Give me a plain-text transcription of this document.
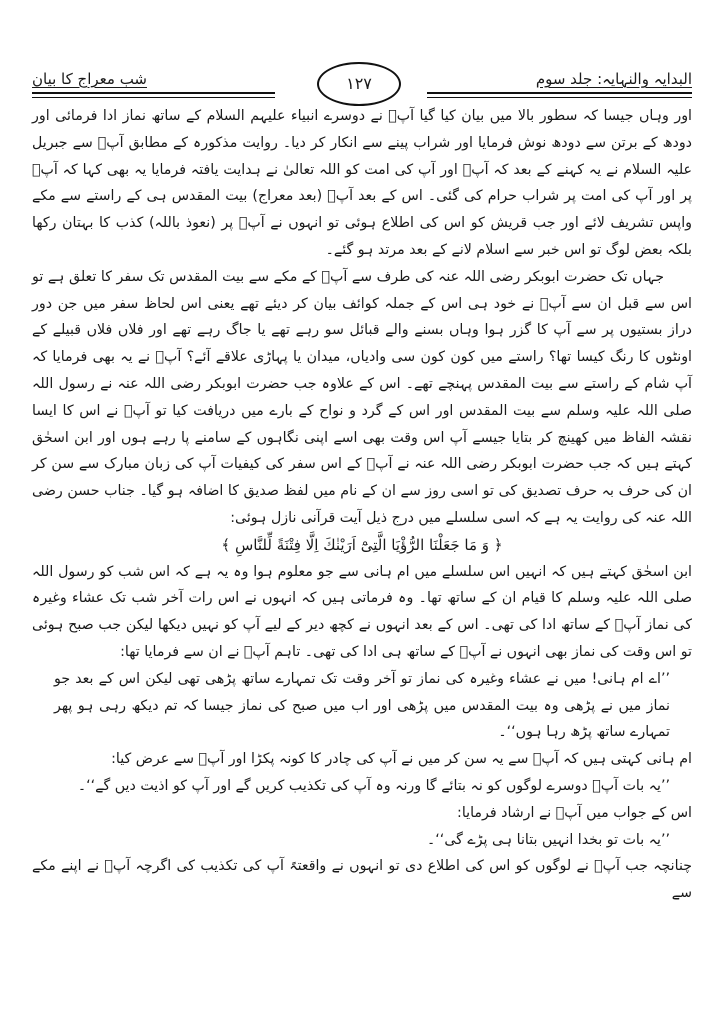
البدایہ والنہایہ: جلد سوم
۱۲۷
شب معراج کا بیان

اور وہاں جیسا کہ سطور بالا میں بیان کیا گیا آپؐ نے دوسرے انبیاء علیہم السلام کے ساتھ نماز ادا فرمائی اور دودھ کے برتن سے دودھ نوش فرمایا اور شراب پینے سے انکار کر دیا۔ روایت مذکورہ کے مطابق آپؐ سے جبریل علیہ السلام نے یہ کہنے کے بعد کہ آپؐ اور آپ کی امت کو اللہ تعالیٰ نے ہدایت یافتہ فرمایا یہ بھی کہا کہ آپؐ پر اور آپ کی امت پر شراب حرام کی گئی۔ اس کے بعد آپؐ (بعد معراج) بیت المقدس ہی کے راستے سے مکے واپس تشریف لائے اور جب قریش کو اس کی اطلاع ہوئی تو انہوں نے آپؐ پر (نعوذ باللہ) کذب کا بہتان رکھا بلکہ بعض لوگ تو اس خبر سے اسلام لانے کے بعد مرتد ہو گئے۔

جہاں تک حضرت ابوبکر رضی اللہ عنہ کی طرف سے آپؐ کے مکے سے بیت المقدس تک سفر کا تعلق ہے تو اس سے قبل ان سے آپؐ نے خود ہی اس کے جملہ کوائف بیان کر دیئے تھے یعنی اس لحاظ سفر میں جن دور دراز بستیوں پر سے آپ کا گزر ہوا وہاں بسنے والے قبائل سو رہے تھے یا جاگ رہے تھے اور فلاں فلاں قبیلے کے اونٹوں کا رنگ کیسا تھا؟ راستے میں کون کون سی وادیاں، میدان یا پہاڑی علاقے آئے؟ آپؐ نے یہ بھی فرمایا کہ آپ شام کے راستے سے بیت المقدس پہنچے تھے۔ اس کے علاوہ جب حضرت ابوبکر رضی اللہ عنہ نے رسول اللہ صلی اللہ علیہ وسلم سے بیت المقدس اور اس کے گرد و نواح کے بارے میں دریافت کیا تو آپؐ نے اس کا ایسا نقشہ الفاظ میں کھینچ کر بتایا جیسے آپ اس وقت بھی اسے اپنی نگاہوں کے سامنے پا رہے ہوں اور ابن اسحٰق کہتے ہیں کہ جب حضرت ابوبکر رضی اللہ عنہ نے آپؐ کے اس سفر کی کیفیات آپ کی زبان مبارک سے سن کر ان کی حرف بہ حرف تصدیق کی تو اسی روز سے ان کے نام میں لفظ صدیق کا اضافہ ہو گیا۔ جناب حسن رضی اللہ عنہ کی روایت یہ ہے کہ اسی سلسلے میں درج ذیل آیت قرآنی نازل ہوئی:

﴿ وَ مَا جَعَلْنَا الرُّؤْيَا الَّتِىْٓ اَرَيْنٰكَ اِلَّا فِتْنَةً لِّلنَّاسِ ﴾

ابن اسحٰق کہتے ہیں کہ انہیں اس سلسلے میں ام ہانی سے جو معلوم ہوا وہ یہ ہے کہ اس شب کو رسول اللہ صلی اللہ علیہ وسلم کا قیام ان کے ساتھ تھا۔ وہ فرماتی ہیں کہ انہوں نے اس رات آخر شب تک عشاء وغیرہ کی نماز آپؐ کے ساتھ ادا کی تھی۔ اس کے بعد انہوں نے کچھ دیر کے لیے آپ کو نہیں دیکھا لیکن جب صبح ہوئی تو اس وقت کی نماز بھی انہوں نے آپؐ کے ساتھ ہی ادا کی تھی۔ تاہم آپؐ نے ان سے فرمایا تھا:

’’اے ام ہانی! میں نے عشاء وغیرہ کی نماز تو آخر وقت تک تمہارے ساتھ پڑھی تھی لیکن اس کے بعد جو نماز میں نے پڑھی وہ بیت المقدس میں پڑھی اور اب میں صبح کی نماز جیسا کہ تم دیکھ رہی ہو پھر تمہارے ساتھ پڑھ رہا ہوں‘‘۔

ام ہانی کہتی ہیں کہ آپؐ سے یہ سن کر میں نے آپ کی چادر کا کونہ پکڑا اور آپؐ سے عرض کیا:

’’یہ بات آپؐ دوسرے لوگوں کو نہ بتائے گا ورنہ وہ آپ کی تکذیب کریں گے اور آپ کو اذیت دیں گے‘‘۔

اس کے جواب میں آپؐ نے ارشاد فرمایا:

’’یہ بات تو بخدا انہیں بتانا ہی پڑے گی‘‘۔

چنانچہ جب آپؐ نے لوگوں کو اس کی اطلاع دی تو انہوں نے واقعتہً آپ کی تکذیب کی اگرچہ آپؐ نے اپنے مکے سے
